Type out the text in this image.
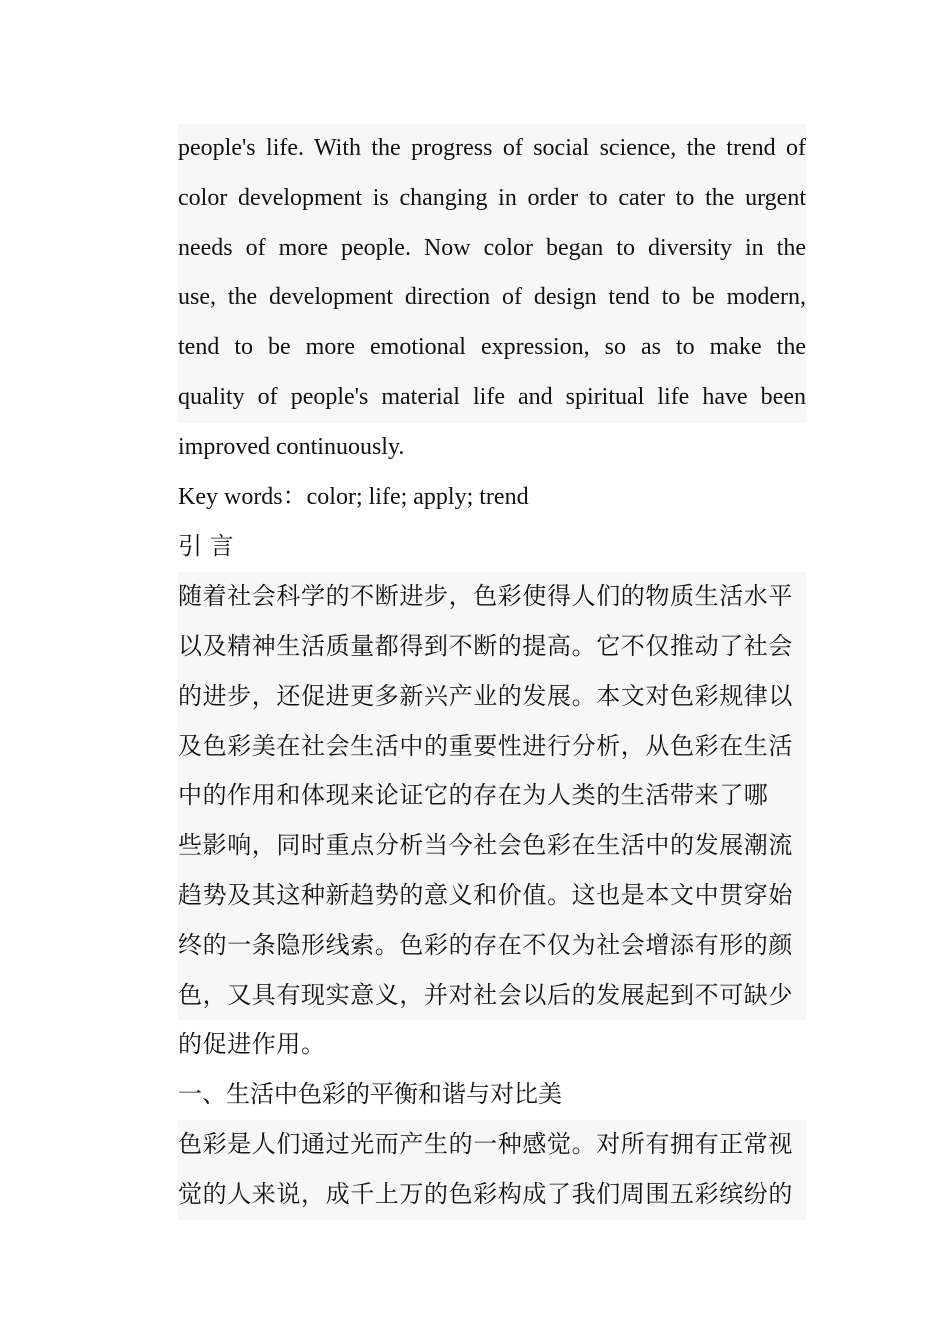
people's life. With the progress of social science, the trend of
color development is changing in order to cater to the urgent
needs of more people. Now color began to diversity in the
use, the development direction of design tend to be modern,
tend to be more emotional expression, so as to make the
quality of people's material life and spiritual life have been
improved continuously.

Key words：color; life; apply; trend

引 言

随着社会科学的不断进步，色彩使得人们的物质生活水平
以及精神生活质量都得到不断的提高。它不仅推动了社会
的进步，还促进更多新兴产业的发展。本文对色彩规律以
及色彩美在社会生活中的重要性进行分析，从色彩在生活
中的作用和体现来论证它的存在为人类的生活带来了哪
些影响，同时重点分析当今社会色彩在生活中的发展潮流
趋势及其这种新趋势的意义和价值。这也是本文中贯穿始
终的一条隐形线索。色彩的存在不仅为社会增添有形的颜
色，又具有现实意义，并对社会以后的发展起到不可缺少
的促进作用。

一、生活中色彩的平衡和谐与对比美

色彩是人们通过光而产生的一种感觉。对所有拥有正常视
觉的人来说，成千上万的色彩构成了我们周围五彩缤纷的
